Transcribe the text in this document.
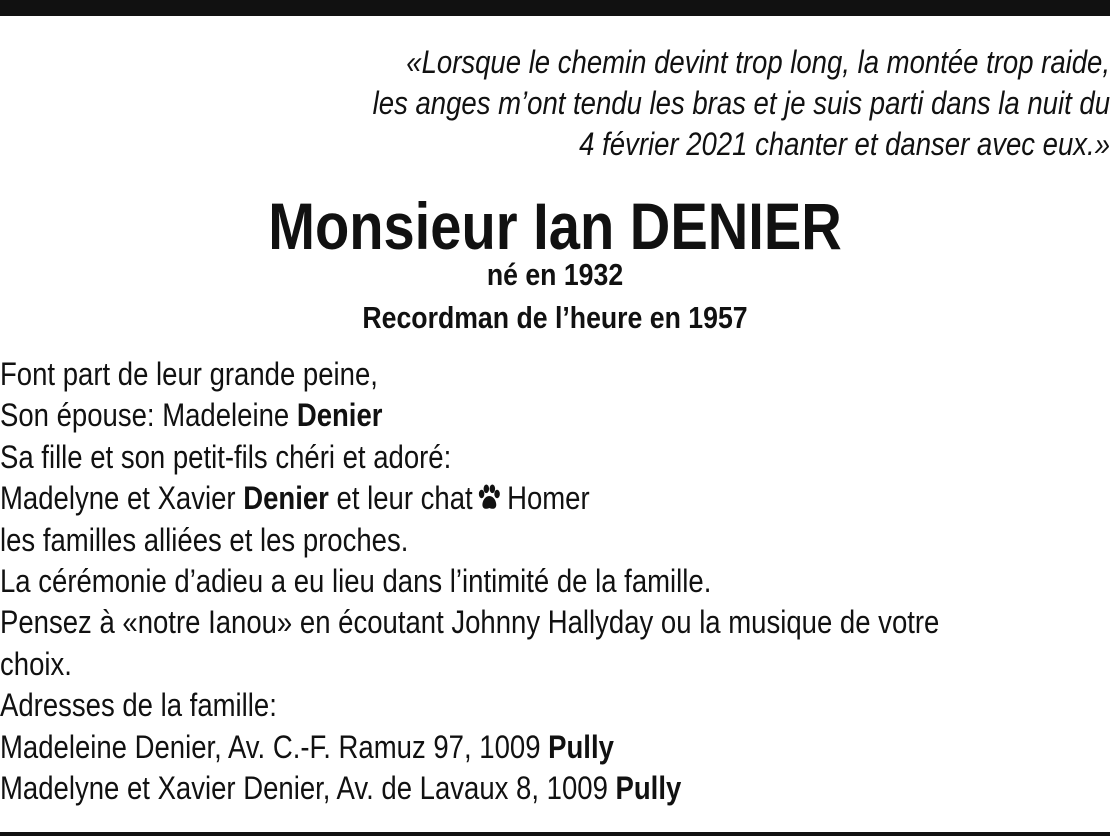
«Lorsque le chemin devint trop long, la montée trop raide,
les anges m’ont tendu les bras et je suis parti dans la nuit du
4 février 2021 chanter et danser avec eux.»
Monsieur Ian DENIER
né en 1932
Recordman de l’heure en 1957
Font part de leur grande peine,
Son épouse: Madeleine Denier
Sa fille et son petit-fils chéri et adoré:
Madelyne et Xavier Denier et leur chat Homer
les familles alliées et les proches.
La cérémonie d’adieu a eu lieu dans l’intimité de la famille.
Pensez à «notre Ianou» en écoutant Johnny Hallyday ou la musique de votre
choix.
Adresses de la famille:
Madeleine Denier, Av. C.-F. Ramuz 97, 1009 Pully
Madelyne et Xavier Denier, Av. de Lavaux 8, 1009 Pully
